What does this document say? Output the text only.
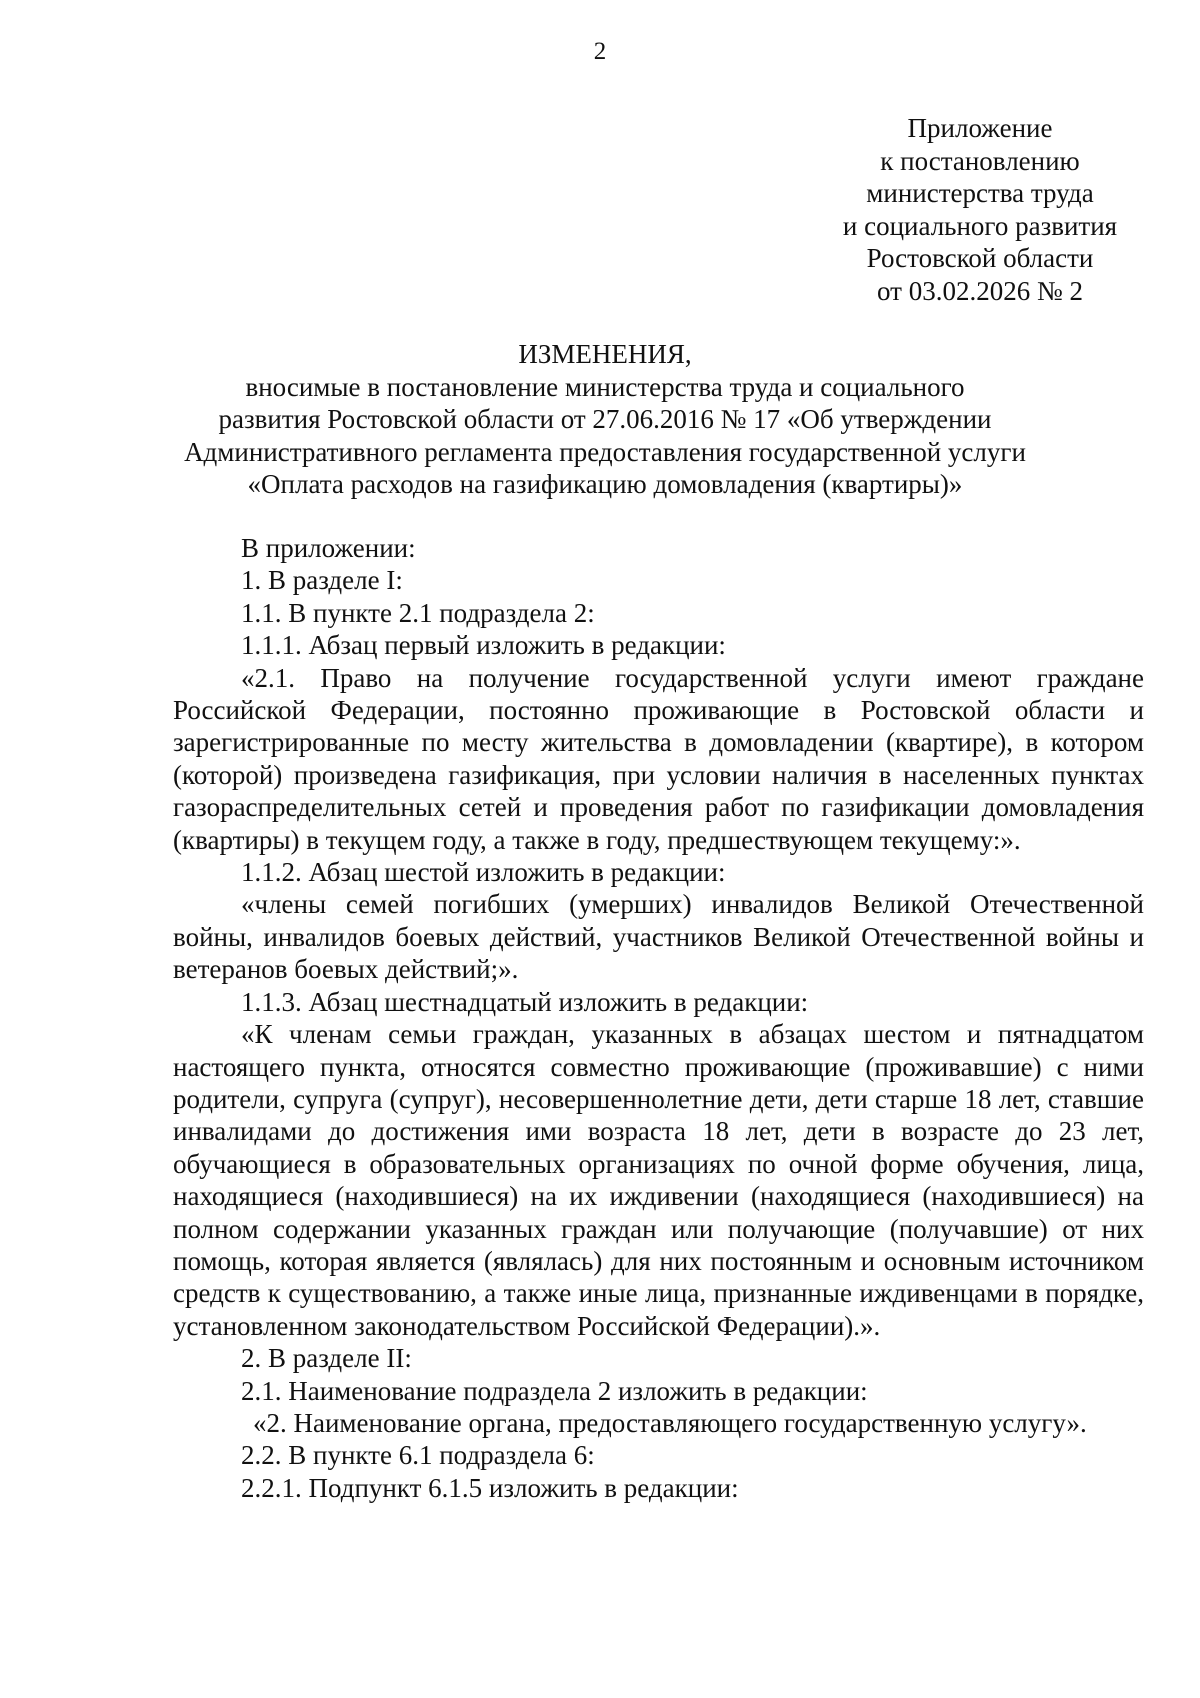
2
Приложение
к постановлению
министерства труда
и социального развития
Ростовской области
от 03.02.2026 № 2
ИЗМЕНЕНИЯ,
вносимые в постановление министерства труда и социального
развития Ростовской области от 27.06.2016 № 17 «Об утверждении
Административного регламента предоставления государственной услуги
«Оплата расходов на газификацию домовладения (квартиры)»

В приложении:

1. В разделе I:

1.1. В пункте 2.1 подраздела 2:

1.1.1. Абзац первый изложить в редакции:

«2.1. Право на получение государственной услуги имеют граждане Российской Федерации, постоянно проживающие в Ростовской области и зарегистрированные по месту жительства в домовладении (квартире), в котором (которой) произведена газификация, при условии наличия в населенных пунктах газораспределительных сетей и проведения работ по газификации домовладения (квартиры) в текущем году, а также в году, предшествующем текущему:».

1.1.2. Абзац шестой изложить в редакции:

«члены семей погибших (умерших) инвалидов Великой Отечественной войны, инвалидов боевых действий, участников Великой Отечественной войны и ветеранов боевых действий;».

1.1.3. Абзац шестнадцатый изложить в редакции:

«К членам семьи граждан, указанных в абзацах шестом и пятнадцатом настоящего пункта, относятся совместно проживающие (проживавшие) с ними родители, супруга (супруг), несовершеннолетние дети, дети старше 18 лет, ставшие инвалидами до достижения ими возраста 18 лет, дети в возрасте до 23 лет, обучающиеся в образовательных организациях по очной форме обучения, лица, находящиеся (находившиеся) на их иждивении (находящиеся (находившиеся) на полном содержании указанных граждан или получающие (получавшие) от них помощь, которая является (являлась) для них постоянным и основным источником средств к существованию, а также иные лица, признанные иждивенцами в порядке, установленном законодательством Российской Федерации).».

2. В разделе II:

2.1. Наименование подраздела 2 изложить в редакции:

«2. Наименование органа, предоставляющего государственную услугу».

2.2. В пункте 6.1 подраздела 6:

2.2.1. Подпункт 6.1.5 изложить в редакции:
